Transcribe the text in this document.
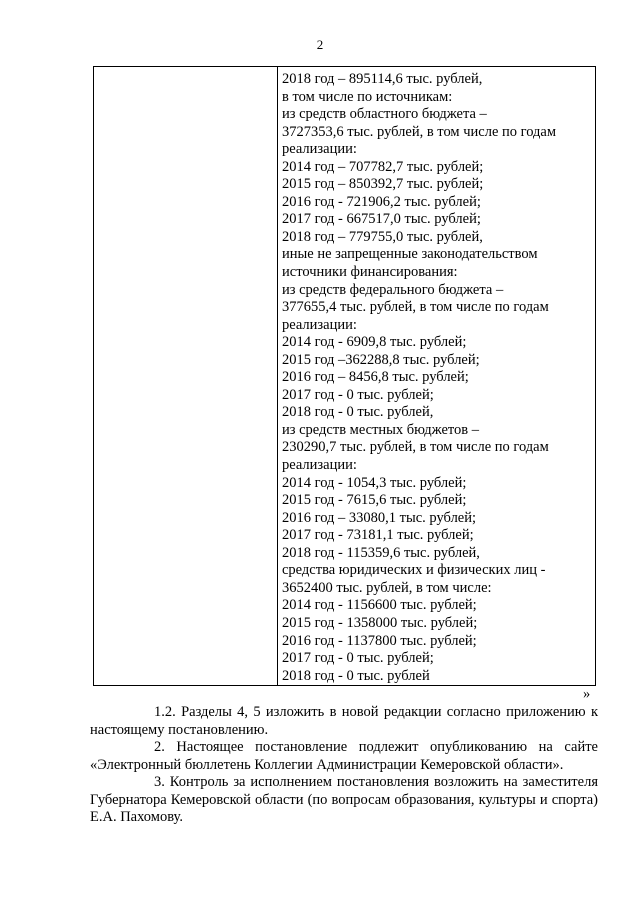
2
2018 год – 895114,6 тыс. рублей,
в том числе по источникам:
из средств областного бюджета –
3727353,6 тыс. рублей, в том числе по годам
реализации:
2014 год – 707782,7 тыс. рублей;
2015 год – 850392,7 тыс. рублей;
2016 год - 721906,2 тыс. рублей;
2017 год - 667517,0 тыс. рублей;
2018 год – 779755,0 тыс. рублей,
иные не запрещенные законодательством
источники финансирования:
из средств федерального бюджета –
377655,4 тыс. рублей, в том числе по годам
реализации:
2014 год - 6909,8 тыс. рублей;
2015 год –362288,8 тыс. рублей;
2016 год – 8456,8 тыс. рублей;
2017 год - 0 тыс. рублей;
2018 год - 0 тыс. рублей,
из средств местных бюджетов –
230290,7 тыс. рублей, в том числе по годам
реализации:
2014 год - 1054,3 тыс. рублей;
2015 год - 7615,6 тыс. рублей;
2016 год – 33080,1 тыс. рублей;
2017 год - 73181,1 тыс. рублей;
2018 год - 115359,6 тыс. рублей,
средства юридических и физических лиц -
3652400 тыс. рублей, в том числе:
2014 год - 1156600 тыс. рублей;
2015 год - 1358000 тыс. рублей;
2016 год - 1137800 тыс. рублей;
2017 год - 0 тыс. рублей;
2018 год - 0 тыс. рублей
»

1.2. Разделы 4, 5 изложить в новой редакции согласно приложению к настоящему постановлению.

2. Настоящее постановление подлежит опубликованию на сайте «Электронный бюллетень Коллегии Администрации Кемеровской области».

3. Контроль за исполнением постановления возложить на заместителя Губернатора Кемеровской области (по вопросам образования, культуры и спорта) Е.А. Пахомову.
